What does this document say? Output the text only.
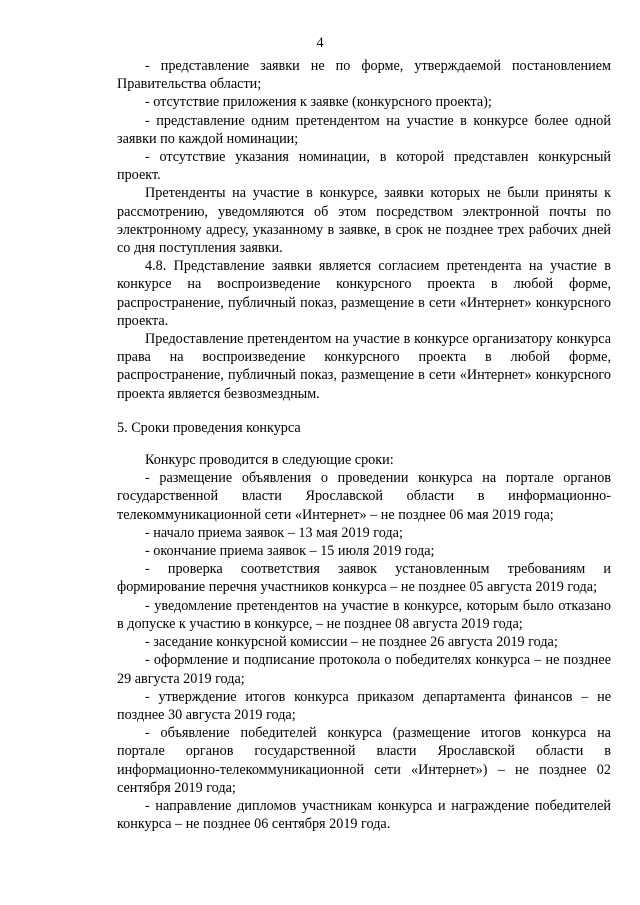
4

- представление заявки не по форме, утверждаемой постановлением Правительства области;

- отсутствие приложения к заявке (конкурсного проекта);

- представление одним претендентом на участие в конкурсе более одной заявки по каждой номинации;

- отсутствие указания номинации, в которой представлен конкурсный проект.

Претенденты на участие в конкурсе, заявки которых не были приняты к рассмотрению, уведомляются об этом посредством электронной почты по электронному адресу, указанному в заявке, в срок не позднее трех рабочих дней со дня поступления заявки.

4.8. Представление заявки является согласием претендента на участие в конкурсе на воспроизведение конкурсного проекта в любой форме, распространение, публичный показ, размещение в сети «Интернет» конкурсного проекта.

Предоставление претендентом на участие в конкурсе организатору конкурса права на воспроизведение конкурсного проекта в любой форме, распространение, публичный показ, размещение в сети «Интернет» конкурсного проекта является безвозмездным.

5. Сроки проведения конкурса

Конкурс проводится в следующие сроки:

- размещение объявления о проведении конкурса на портале органов государственной власти Ярославской области в информационно-телекоммуникационной сети «Интернет» – не позднее 06 мая 2019 года;

- начало приема заявок – 13 мая 2019 года;

- окончание приема заявок – 15 июля 2019 года;

- проверка соответствия заявок установленным требованиям и формирование перечня участников конкурса – не позднее 05 августа 2019 года;

- уведомление претендентов на участие в конкурсе, которым было отказано в допуске к участию в конкурсе, – не позднее 08 августа 2019 года;

- заседание конкурсной комиссии – не позднее 26 августа 2019 года;

- оформление и подписание протокола о победителях конкурса – не позднее 29 августа 2019 года;

- утверждение итогов конкурса приказом департамента финансов – не позднее 30 августа 2019 года;

- объявление победителей конкурса (размещение итогов конкурса на портале органов государственной власти Ярославской области в информационно-телекоммуникационной сети «Интернет») – не позднее 02 сентября 2019 года;

- направление дипломов участникам конкурса и награждение победителей конкурса – не позднее 06 сентября 2019 года.
